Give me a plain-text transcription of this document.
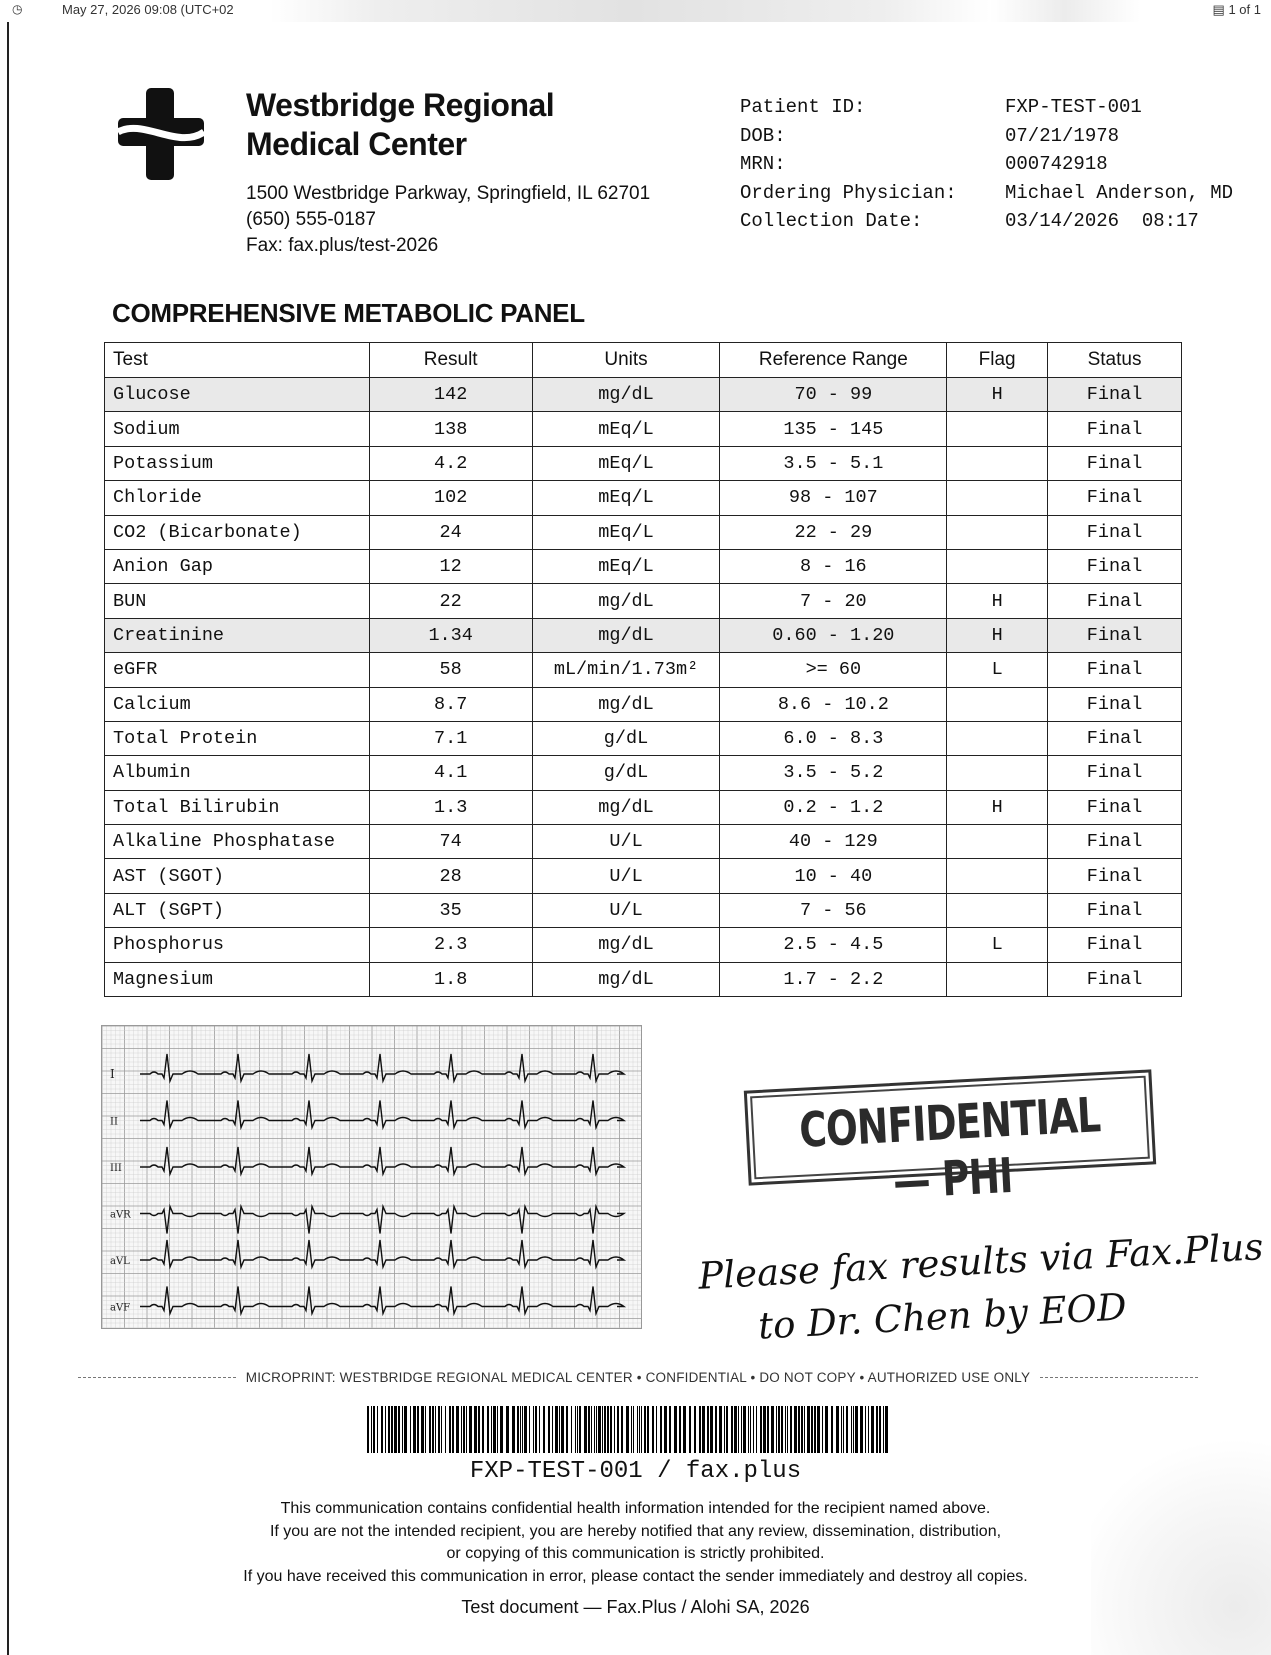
◷	May 27, 2026 09:08 (UTC+02	▤ 1 of 1
Westbridge Regional
Medical Center
1500 Westbridge Parkway, Springfield, IL 62701
(650) 555-0187
Fax: fax.plus/test-2026
Patient ID:	FXP-TEST-001
DOB:	07/21/1978
MRN:	000742918
Ordering Physician:	Michael Anderson, MD
Collection Date:	03/14/2026  08:17
COMPREHENSIVE METABOLIC PANEL
Test	Result	Units	Reference Range	Flag	Status
Glucose	142	mg/dL	70 - 99	H	Final
Sodium	138	mEq/L	135 - 145		Final
Potassium	4.2	mEq/L	3.5 - 5.1		Final
Chloride	102	mEq/L	98 - 107		Final
CO2 (Bicarbonate)	24	mEq/L	22 - 29		Final
Anion Gap	12	mEq/L	8 - 16		Final
BUN	22	mg/dL	7 - 20	H	Final
Creatinine	1.34	mg/dL	0.60 - 1.20	H	Final
eGFR	58	mL/min/1.73m²	>= 60	L	Final
Calcium	8.7	mg/dL	8.6 - 10.2		Final
Total Protein	7.1	g/dL	6.0 - 8.3		Final
Albumin	4.1	g/dL	3.5 - 5.2		Final
Total Bilirubin	1.3	mg/dL	0.2 - 1.2	H	Final
Alkaline Phosphatase	74	U/L	40 - 129		Final
AST (SGOT)	28	U/L	10 - 40		Final
ALT (SGPT)	35	U/L	7 - 56		Final
Phosphorus	2.3	mg/dL	2.5 - 4.5	L	Final
Magnesium	1.8	mg/dL	1.7 - 2.2		Final
I
II
III
aVR
aVL
aVF
CONFIDENTIAL — PHI
Please fax results via Fax.Plus
to Dr. Chen by EOD
MICROPRINT: WESTBRIDGE REGIONAL MEDICAL CENTER • CONFIDENTIAL • DO NOT COPY • AUTHORIZED USE ONLY
FXP-TEST-001 / fax.plus
This communication contains confidential health information intended for the recipient named above.
If you are not the intended recipient, you are hereby notified that any review, dissemination, distribution,
or copying of this communication is strictly prohibited.
If you have received this communication in error, please contact the sender immediately and destroy all copies.
Test document — Fax.Plus / Alohi SA, 2026
